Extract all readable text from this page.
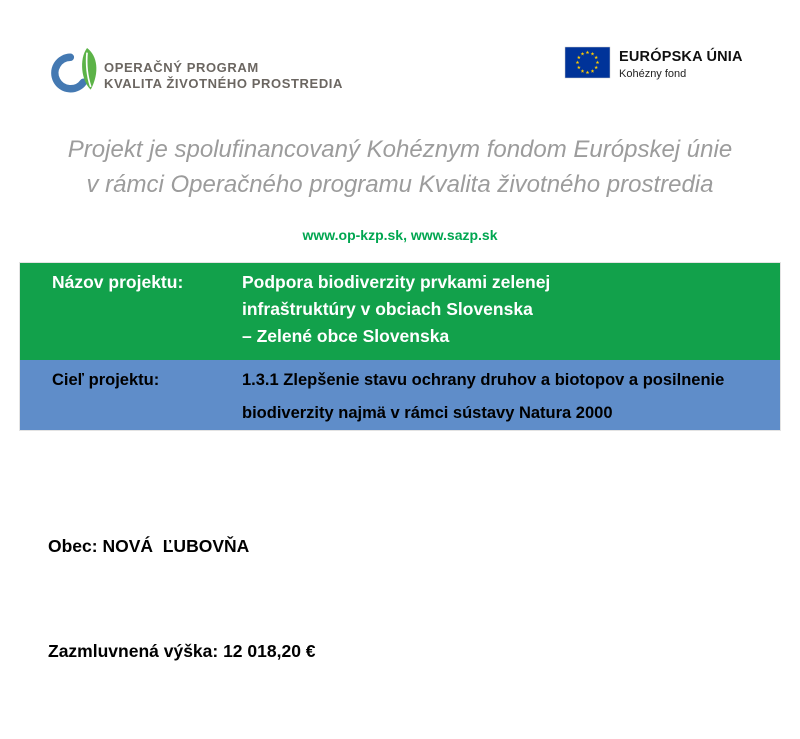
OPERAČNÝ PROGRAM
KVALITA ŽIVOTNÉHO PROSTREDIA
EURÓPSKA ÚNIA
Kohézny fond
Projekt je spolufinancovaný Kohéznym fondom Európskej únie
v rámci Operačného programu Kvalita životného prostredia
www.op-kzp.sk, www.sazp.sk
Názov projektu:	Podpora biodiverzity prvkami zelenej
infraštruktúry v obciach Slovenska
– Zelené obce Slovenska
Cieľ projektu:	1.3.1 Zlepšenie stavu ochrany druhov a biotopov a posilnenie
biodiverzity najmä v rámci sústavy Natura 2000

Obec: NOVÁ  ĽUBOVŇA

Zazmluvnená výška: 12 018,20 €
